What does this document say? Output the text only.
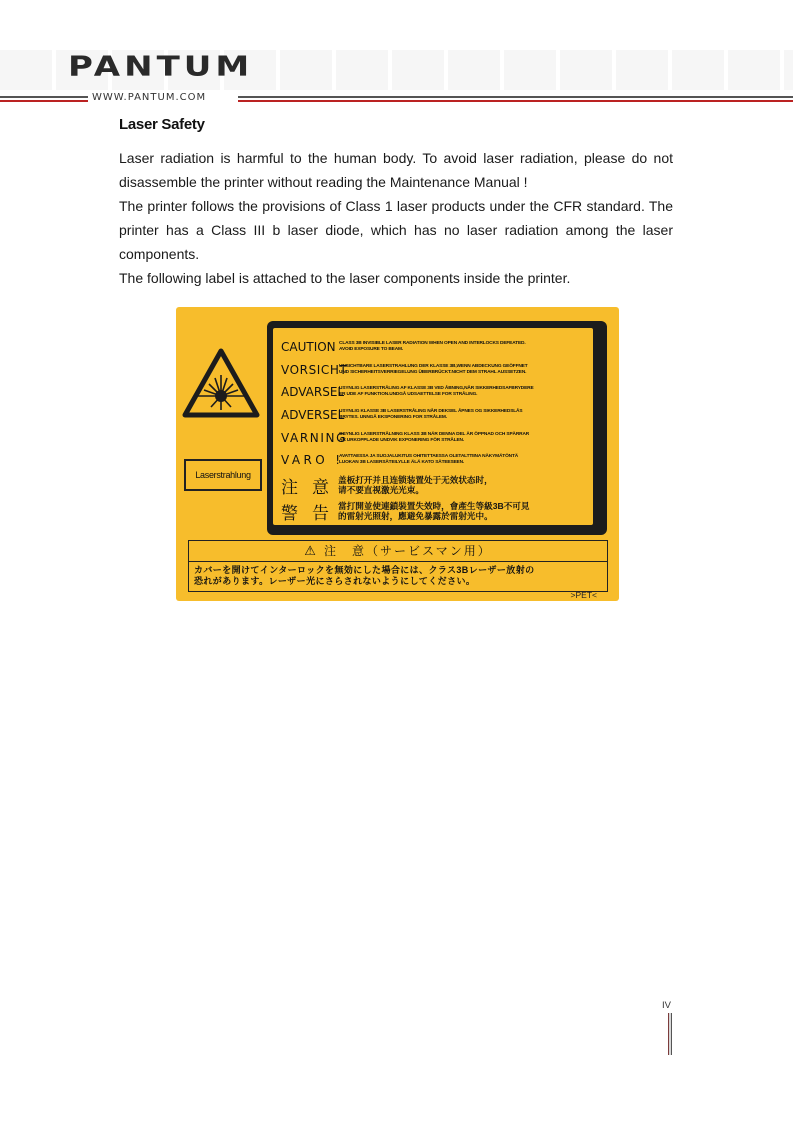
PANTUM
WWW.PANTUM.COM
Laser Safety

Laser radiation is harmful to the human body. To avoid laser radiation, please do not disassemble the printer without reading the Maintenance Manual !

The printer follows the provisions of Class 1 laser products under the CFR standard. The printer has a Class III b laser diode, which has no laser radiation among the laser components.

The following label is attached to the laser components inside the printer.

Laserstrahlung
CAUTION CLASS 3B INVISIBLE LASER RADIATION WHEN OPEN AND INTERLOCKS DEFEATED.
AVOID EXPOSURE TO BEAM.
VORSICHT
UNSICHTBARE LASERSTRAHLUNG DER KLASSE 3B,WENN ABDECKUNG GEÖFFNET
UND SICHERHEITSVERRIEGELUNG ÜBERBRÜCKT.NICHT DEM STRAHL AUSSETZEN.
ADVARSEL
USYNLIG LASERSTRÅLING AF KLASSE 3B VED ÅBNING,NÅR SIKKERHEDSAFBRYDERE
ER UDE AF FUNKTION.UNDGÅ UDSAETTELSE FOR STRÅLING.
ADVERSEL
USYNLIG KLASSE 3B LASERSTRÅLING NÅR DEKSEL ÅPNES OG SIKKERHEDSLÅS
BRYTES. UNNGÅ EKSPONERING FOR STRÅLEM.
VARNING
OSYNLIG LASERSTRÅLNING KLASS 3B NÄR DENNA DEL ÄR ÖPPNAD OCH SPÄRRAR
ÄR URKOPPLADE UNDVIK EXPONERING FÖR STRÅLEN.
VARO !
AVATTAESSA JA SUOJALUKITUS OHITETTAESSA OLETALTTIINA NÄKYMÄTÖNTÄ
LUOKAN 3B LASERSÄTEILYLLE ÄLÄ KATO SÄTEESEEN.
注意
盖板打开并且连锁装置处于无效状态时，
请不要直视激光光束。
警告
當打開並使連鎖裝置失效時，會產生等級3B不可見
的雷射光照射，應避免暴露於雷射光中。
⚠ 注　意（サービスマン用）
カバーを開けてインターロックを無効にした場合には、クラス3Bレーザー放射の
恐れがあります。レーザー光にさらされないようにしてください。
>PET<
IV
